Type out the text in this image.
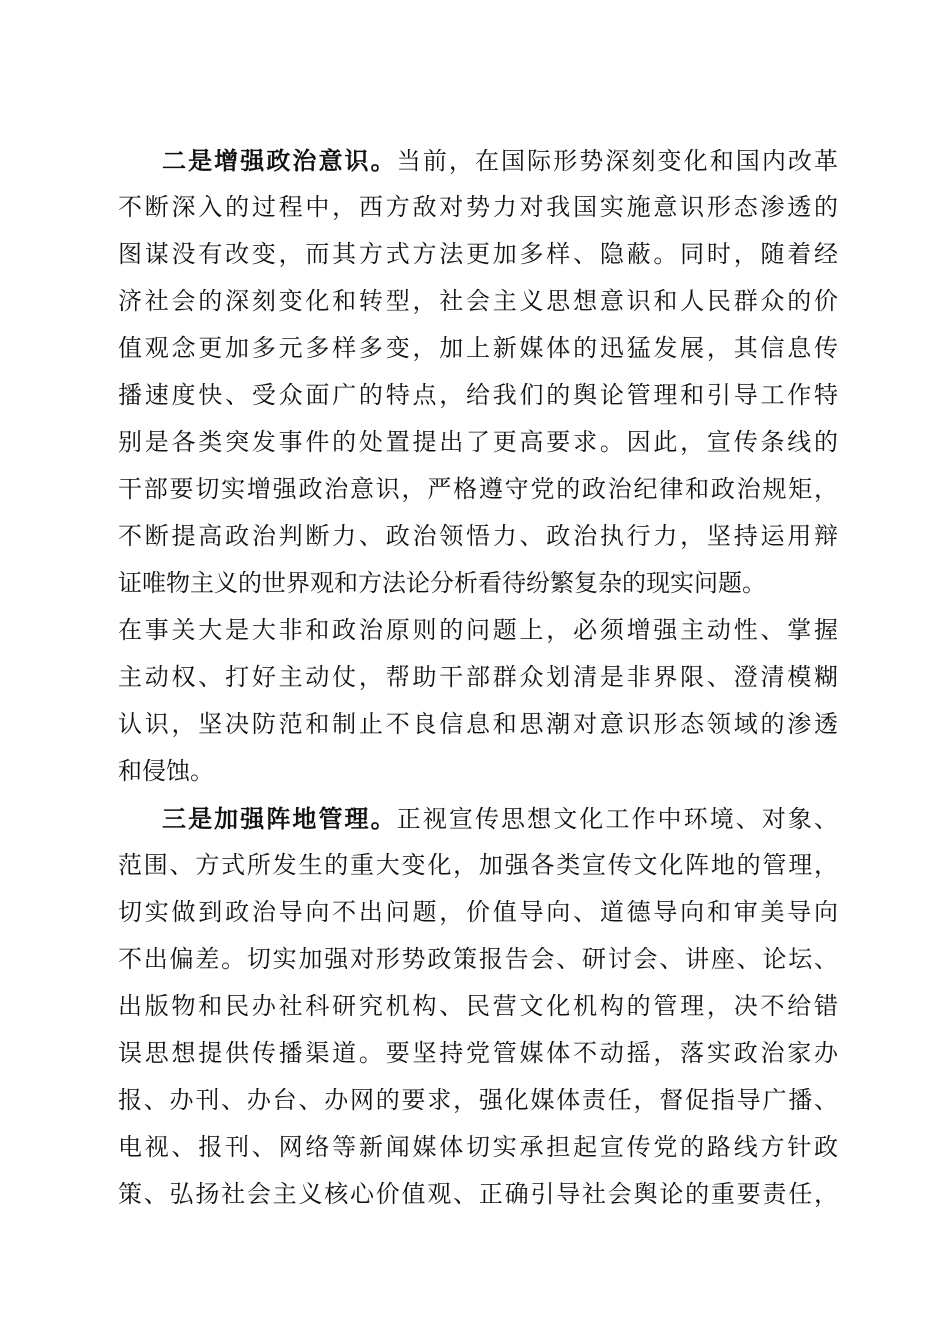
二是增强政治意识。当前，在国际形势深刻变化和国内改革
不断深入的过程中，西方敌对势力对我国实施意识形态渗透的
图谋没有改变，而其方式方法更加多样、隐蔽。同时，随着经
济社会的深刻变化和转型，社会主义思想意识和人民群众的价
值观念更加多元多样多变，加上新媒体的迅猛发展，其信息传
播速度快、受众面广的特点，给我们的舆论管理和引导工作特
别是各类突发事件的处置提出了更高要求。因此，宣传条线的
干部要切实增强政治意识，严格遵守党的政治纪律和政治规矩，
不断提高政治判断力、政治领悟力、政治执行力，坚持运用辩
证唯物主义的世界观和方法论分析看待纷繁复杂的现实问题。
在事关大是大非和政治原则的问题上，必须增强主动性、掌握
主动权、打好主动仗，帮助干部群众划清是非界限、澄清模糊
认识，坚决防范和制止不良信息和思潮对意识形态领域的渗透
和侵蚀。
三是加强阵地管理。正视宣传思想文化工作中环境、对象、
范围、方式所发生的重大变化，加强各类宣传文化阵地的管理，
切实做到政治导向不出问题，价值导向、道德导向和审美导向
不出偏差。切实加强对形势政策报告会、研讨会、讲座、论坛、
出版物和民办社科研究机构、民营文化机构的管理，决不给错
误思想提供传播渠道。要坚持党管媒体不动摇，落实政治家办
报、办刊、办台、办网的要求，强化媒体责任，督促指导广播、
电视、报刊、网络等新闻媒体切实承担起宣传党的路线方针政
策、弘扬社会主义核心价值观、正确引导社会舆论的重要责任，
